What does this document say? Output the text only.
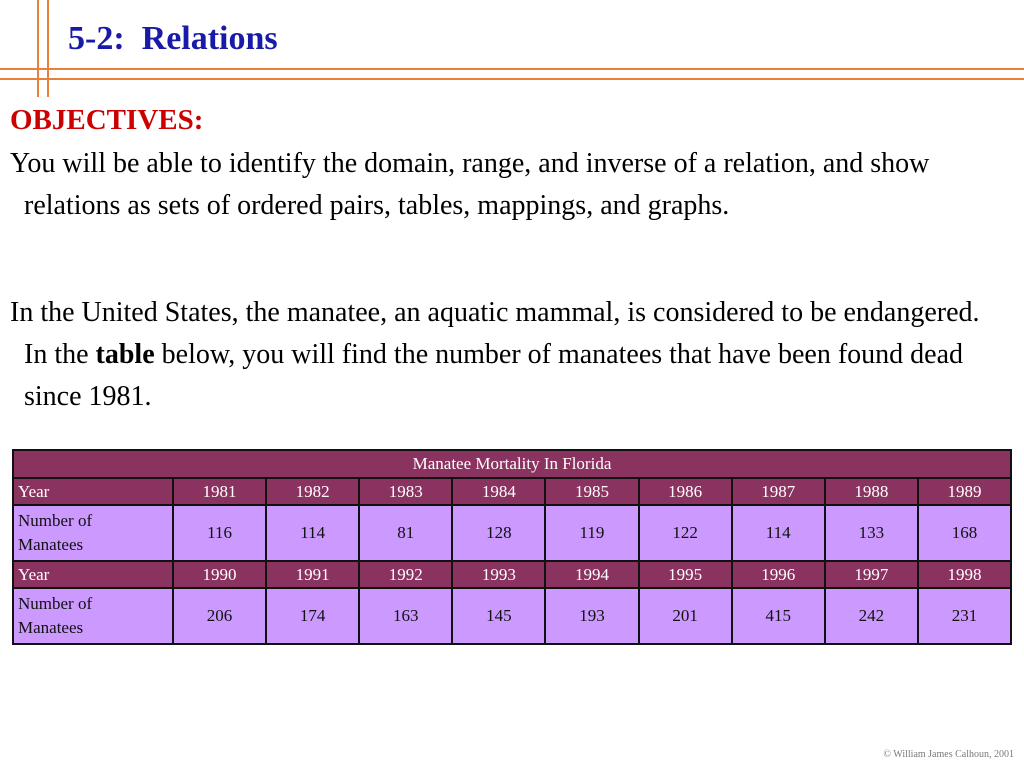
5-2:  Relations
OBJECTIVES:

You will be able to identify the domain, range, and inverse of a relation, and show relations as sets of ordered pairs, tables, mappings, and graphs.

In the United States, the manatee, an aquatic mammal, is considered to be endangered. In the table below, you will find the number of manatees that have been found dead since 1981.

Manatee Mortality In Florida									
Year	1981	1982	1983	1984	1985	1986	1987	1988	1989

Number of
Manatees	116	114	81	128	119	122	114	133	168
Year	1990	1991	1992	1993	1994	1995	1996	1997	1998

Number of
Manatees	206	174	163	145	193	201	415	242	231
© William James Calhoun, 2001
